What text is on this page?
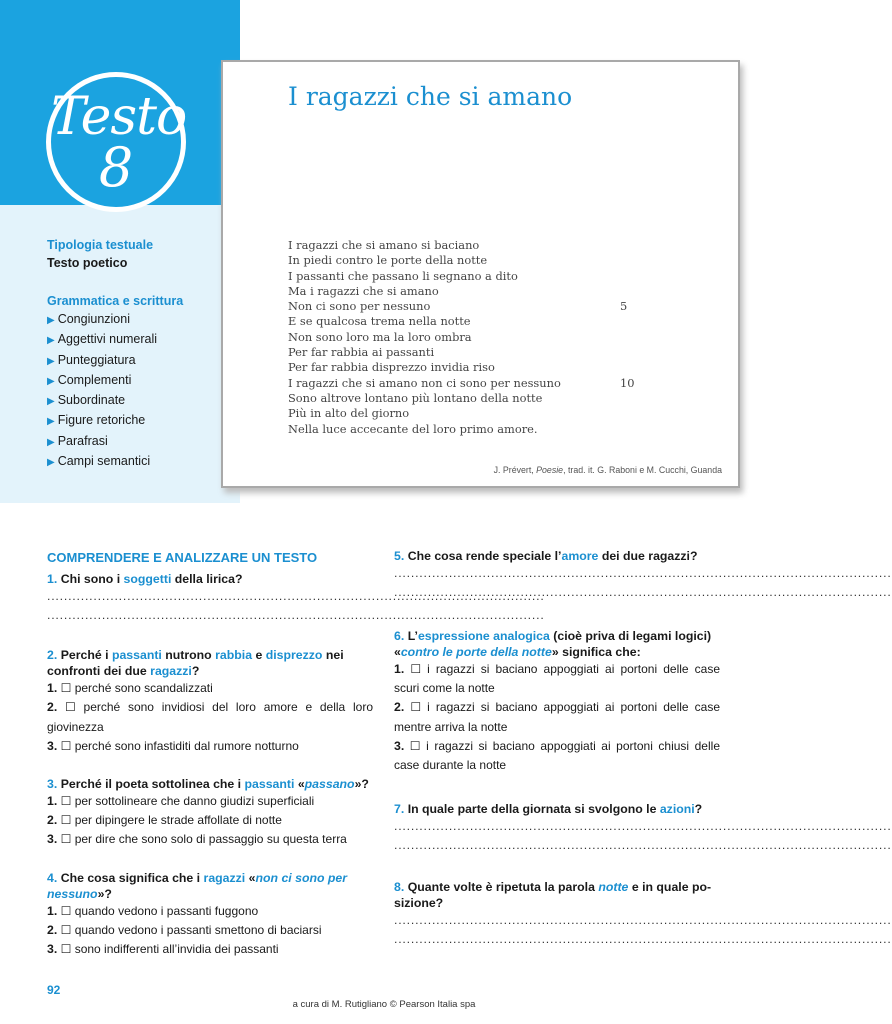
Testo
8
Tipologia testuale
Testo poetico
Grammatica e scrittura
▶ Congiunzioni
▶ Aggettivi numerali
▶ Punteggiatura
▶ Complementi
▶ Subordinate
▶ Figure retoriche
▶ Parafrasi
▶ Campi semantici
I ragazzi che si amano
I ragazzi che si amano si baciano
In piedi contro le porte della notte
I passanti che passano li segnano a dito
Ma i ragazzi che si amano
Non ci sono per nessuno	5
E se qualcosa trema nella notte
Non sono loro ma la loro ombra
Per far rabbia ai passanti
Per far rabbia disprezzo invidia riso
I ragazzi che si amano non ci sono per nessuno	10
Sono altrove lontano più lontano della notte
Più in alto del giorno
Nella luce accecante del loro primo amore.
J. Prévert, Poesie, trad. it. G. Raboni e M. Cucchi, Guanda
COMPRENDERE E ANALIZZARE UN TESTO
1. Chi sono i soggetti della lirica?
......................................................................................................................
......................................................................................................................
2. Perché i passanti nutrono rabbia e disprezzo nei confronti dei due ragazzi?
1. ☐ perché sono scandalizzati
2. ☐ perché sono invidiosi del loro amore e della loro giovinezza
3. ☐ perché sono infastiditi dal rumore notturno
3. Perché il poeta sottolinea che i passanti «passano»?
1. ☐ per sottolineare che danno giudizi superficiali
2. ☐ per dipingere le strade affollate di notte
3. ☐ per dire che sono solo di passaggio su questa terra
4. Che cosa significa che i ragazzi «non ci sono per nessuno»?
1. ☐ quando vedono i passanti fuggono
2. ☐ quando vedono i passanti smettono di baciarsi
3. ☐ sono indifferenti all’invidia dei passanti
5. Che cosa rende speciale l’amore dei due ragazzi?
......................................................................................................................
......................................................................................................................
6. L’espressione analogica (cioè priva di legami logici) «contro le porte della notte» significa che:
1. ☐ i ragazzi si baciano appoggiati ai portoni delle case scuri come la notte
2. ☐ i ragazzi si baciano appoggiati ai portoni delle case mentre arriva la notte
3. ☐ i ragazzi si baciano appoggiati ai portoni chiusi delle case durante la notte
7. In quale parte della giornata si svolgono le azioni?
......................................................................................................................
......................................................................................................................
8. Quante volte è ripetuta la parola notte e in quale posizione?
......................................................................................................................
......................................................................................................................
92
a cura di M. Rutigliano © Pearson Italia spa
